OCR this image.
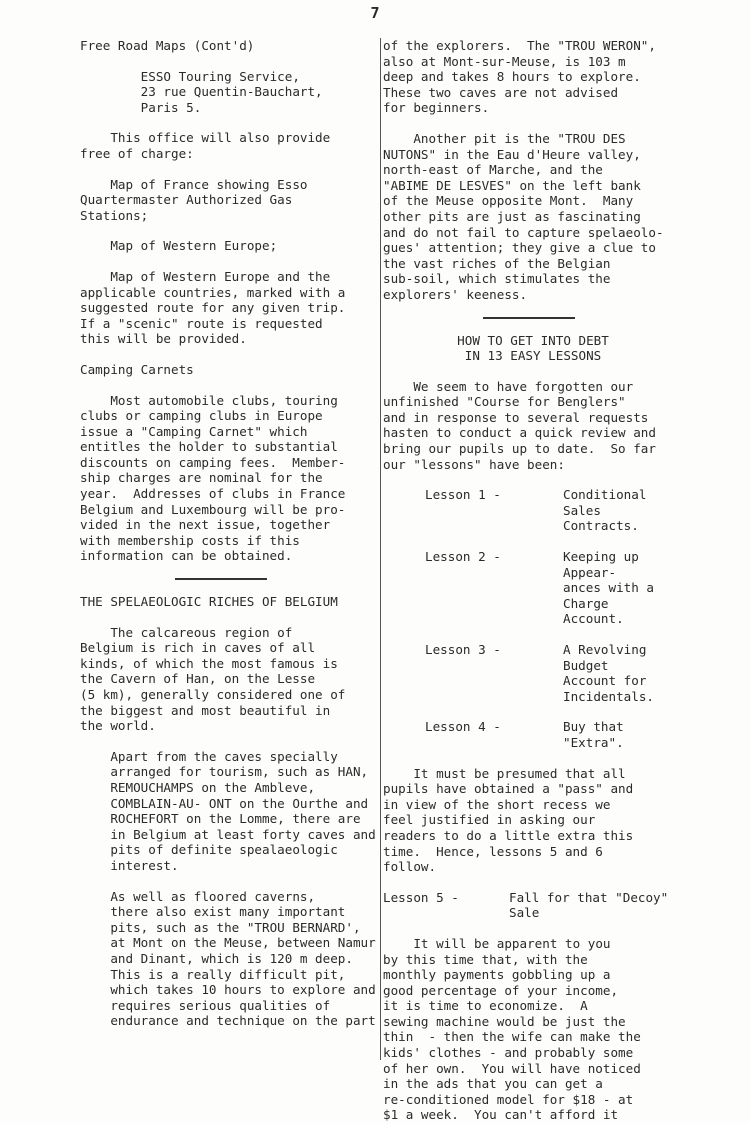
7

Free Road Maps (Cont'd)

ESSO Touring Service,
23 rue Quentin-Bauchart,
Paris 5.

This office will also provide
free of charge:

Map of France showing Esso
Quartermaster Authorized Gas
Stations;

Map of Western Europe;

Map of Western Europe and the
applicable countries, marked with a
suggested route for any given trip.
If a "scenic" route is requested
this will be provided.

Camping Carnets

Most automobile clubs, touring
clubs or camping clubs in Europe
issue a "Camping Carnet" which
entitles the holder to substantial
discounts on camping fees.  Member-
ship charges are nominal for the
year.  Addresses of clubs in France
Belgium and Luxembourg will be pro-
vided in the next issue, together
with membership costs if this
information can be obtained.

THE SPELAEOLOGIC RICHES OF BELGIUM

The calcareous region of
Belgium is rich in caves of all
kinds, of which the most famous is
the Cavern of Han, on the Lesse
(5 km), generally considered one of
the biggest and most beautiful in
the world.

Apart from the caves specially
arranged for tourism, such as HAN,
REMOUCHAMPS on the Ambleve,
COMBLAIN-AU- ONT on the Ourthe and
ROCHEFORT on the Lomme, there are
in Belgium at least forty caves and
pits of definite spealaeologic
interest.

As well as floored caverns,
there also exist many important
pits, such as the "TROU BERNARD',
at Mont on the Meuse, between Namur
and Dinant, which is 120 m deep.
This is a really difficult pit,
which takes 10 hours to explore and
requires serious qualities of
endurance and technique on the part

of the explorers.  The "TROU WERON",
also at Mont-sur-Meuse, is 103 m
deep and takes 8 hours to explore.
These two caves are not advised
for beginners.

Another pit is the "TROU DES
NUTONS" in the Eau d'Heure valley,
north-east of Marche, and the
"ABIME DE LESVES" on the left bank
of the Meuse opposite Mont.  Many
other pits are just as fascinating
and do not fail to capture spelaeolo-
gues' attention; they give a clue to
the vast riches of the Belgian
sub-soil, which stimulates the
explorers' keeness.

HOW TO GET INTO DEBT
IN 13 EASY LESSONS

We seem to have forgotten our
unfinished "Course for Benglers"
and in response to several requests
hasten to conduct a quick review and
bring our pupils up to date.  So far
our "lessons" have been:

Lesson 1 -	Conditional Sales
Contracts.
Lesson 2 -	Keeping up Appear-
ances with a Charge
Account.
Lesson 3 -	A Revolving Budget
Account for
Incidentals.
Lesson 4 -	Buy that "Extra".

It must be presumed that all
pupils have obtained a "pass" and
in view of the short recess we
feel justified in asking our
readers to do a little extra this
time.  Hence, lessons 5 and 6
follow.

Lesson 5 -	Fall for that "Decoy"
Sale

It will be apparent to you
by this time that, with the
monthly payments gobbling up a
good percentage of your income,
it is time to economize.  A
sewing machine would be just the
thin  - then the wife can make the
kids' clothes - and probably some
of her own.  You will have noticed
in the ads that you can get a
re-conditioned model for $18 - at
$1 a week.  You can't afford it
